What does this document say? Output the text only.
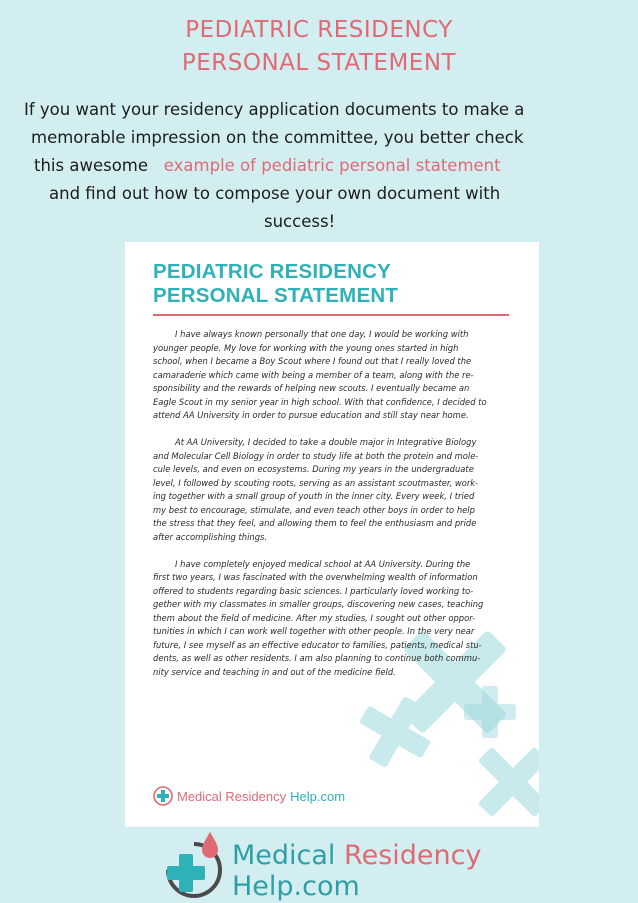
PEDIATRIC RESIDENCY
PERSONAL STATEMENT
If you want your residency application documents to make a
memorable impression on the committee, you better check
this awesome example of pediatric personal statement
and find out how to compose your own document with
success!
PEDIATRIC RESIDENCY
PERSONAL STATEMENT
I have always known personally that one day, I would be working with
younger people. My love for working with the young ones started in high
school, when I became a Boy Scout where I found out that I really loved the
camaraderie which came with being a member of a team, along with the re-
sponsibility and the rewards of helping new scouts. I eventually became an
Eagle Scout in my senior year in high school. With that confidence, I decided to
attend AA University in order to pursue education and still stay near home.
At AA University, I decided to take a double major in Integrative Biology
and Molecular Cell Biology in order to study life at both the protein and mole-
cule levels, and even on ecosystems. During my years in the undergraduate
level, I followed by scouting roots, serving as an assistant scoutmaster, work-
ing together with a small group of youth in the inner city. Every week, I tried
my best to encourage, stimulate, and even teach other boys in order to help
the stress that they feel, and allowing them to feel the enthusiasm and pride
after accomplishing things.
I have completely enjoyed medical school at AA University. During the
first two years, I was fascinated with the overwhelming wealth of information
offered to students regarding basic sciences. I particularly loved working to-
gether with my classmates in smaller groups, discovering new cases, teaching
them about the field of medicine. After my studies, I sought out other oppor-
tunities in which I can work well together with other people. In the very near
future, I see myself as an effective educator to families, patients, medical stu-
dents, as well as other residents. I am also planning to continue both commu-
nity service and teaching in and out of the medicine field.
Medical Residency Help.com
Medical Residency
Help.com
